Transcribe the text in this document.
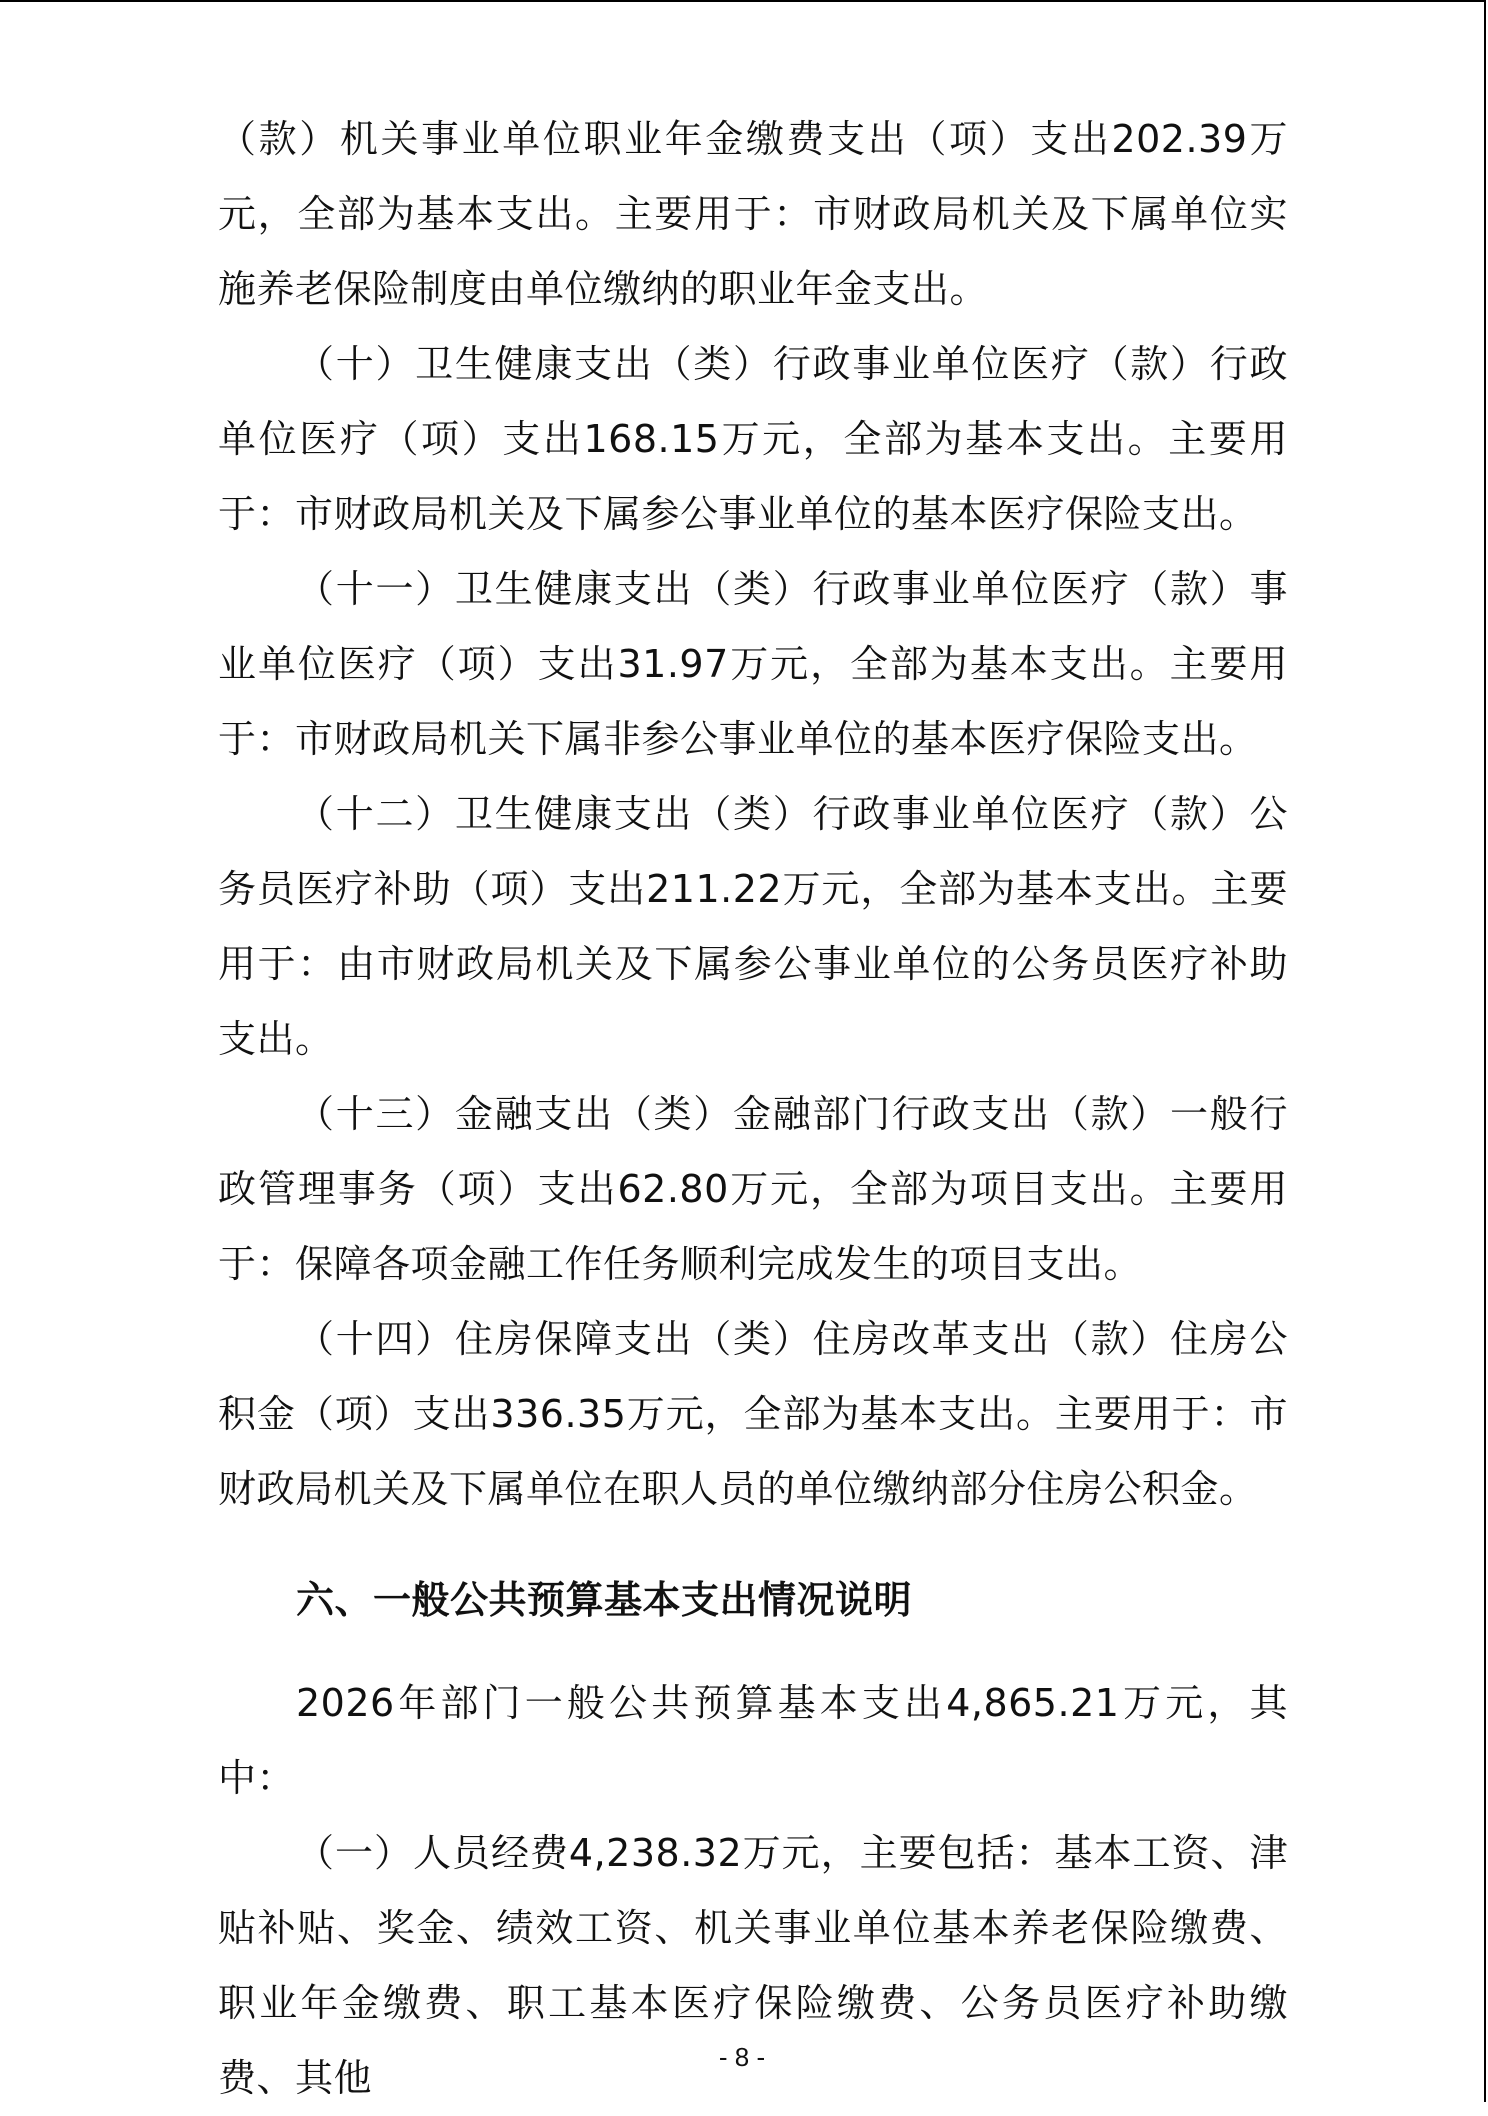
（款）机关事业单位职业年金缴费支出（项）支出202.39万元，全部为基本支出。主要用于：市财政局机关及下属单位实施养老保险制度由单位缴纳的职业年金支出。

（十）卫生健康支出（类）行政事业单位医疗（款）行政单位医疗（项）支出168.15万元，全部为基本支出。主要用于：市财政局机关及下属参公事业单位的基本医疗保险支出。

（十一）卫生健康支出（类）行政事业单位医疗（款）事业单位医疗（项）支出31.97万元，全部为基本支出。主要用于：市财政局机关下属非参公事业单位的基本医疗保险支出。

（十二）卫生健康支出（类）行政事业单位医疗（款）公务员医疗补助（项）支出211.22万元，全部为基本支出。主要用于：由市财政局机关及下属参公事业单位的公务员医疗补助支出。

（十三）金融支出（类）金融部门行政支出（款）一般行政管理事务（项）支出62.80万元，全部为项目支出。主要用于：保障各项金融工作任务顺利完成发生的项目支出。

（十四）住房保障支出（类）住房改革支出（款）住房公积金（项）支出336.35万元，全部为基本支出。主要用于：市财政局机关及下属单位在职人员的单位缴纳部分住房公积金。

六、一般公共预算基本支出情况说明

2026年部门一般公共预算基本支出4,865.21万元，其中：

（一）人员经费4,238.32万元，主要包括：基本工资、津贴补贴、奖金、绩效工资、机关事业单位基本养老保险缴费、职业年金缴费、职工基本医疗保险缴费、公务员医疗补助缴费、其他	- 8 -
